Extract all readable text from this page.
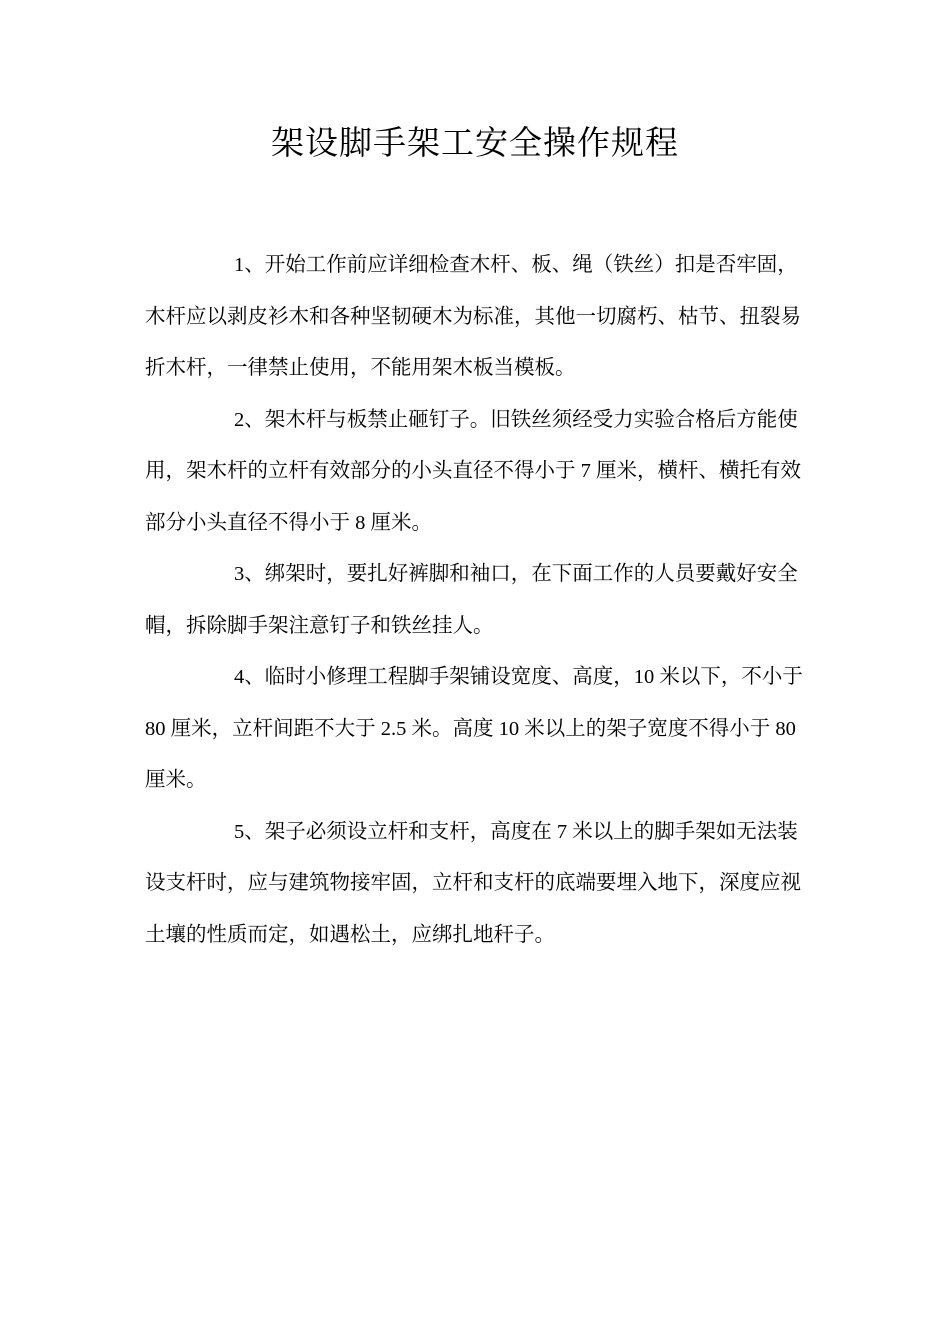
架设脚手架工安全操作规程

1、开始工作前应详细检查木杆、板、绳（铁丝）扣是否牢固，木杆应以剥皮衫木和各种坚韧硬木为标准，其他一切腐朽、枯节、扭裂易折木杆，一律禁止使用，不能用架木板当模板。

2、架木杆与板禁止砸钉子。旧铁丝须经受力实验合格后方能使用，架木杆的立杆有效部分的小头直径不得小于 7 厘米，横杆、横托有效部分小头直径不得小于 8 厘米。

3、绑架时，要扎好裤脚和袖口，在下面工作的人员要戴好安全帽，拆除脚手架注意钉子和铁丝挂人。

4、临时小修理工程脚手架铺设宽度、高度，10 米以下，不小于 80 厘米，立杆间距不大于 2.5 米。高度 10 米以上的架子宽度不得小于 80 厘米。

5、架子必须设立杆和支杆，高度在 7 米以上的脚手架如无法装设支杆时，应与建筑物接牢固，立杆和支杆的底端要埋入地下，深度应视土壤的性质而定，如遇松土，应绑扎地秆子。
